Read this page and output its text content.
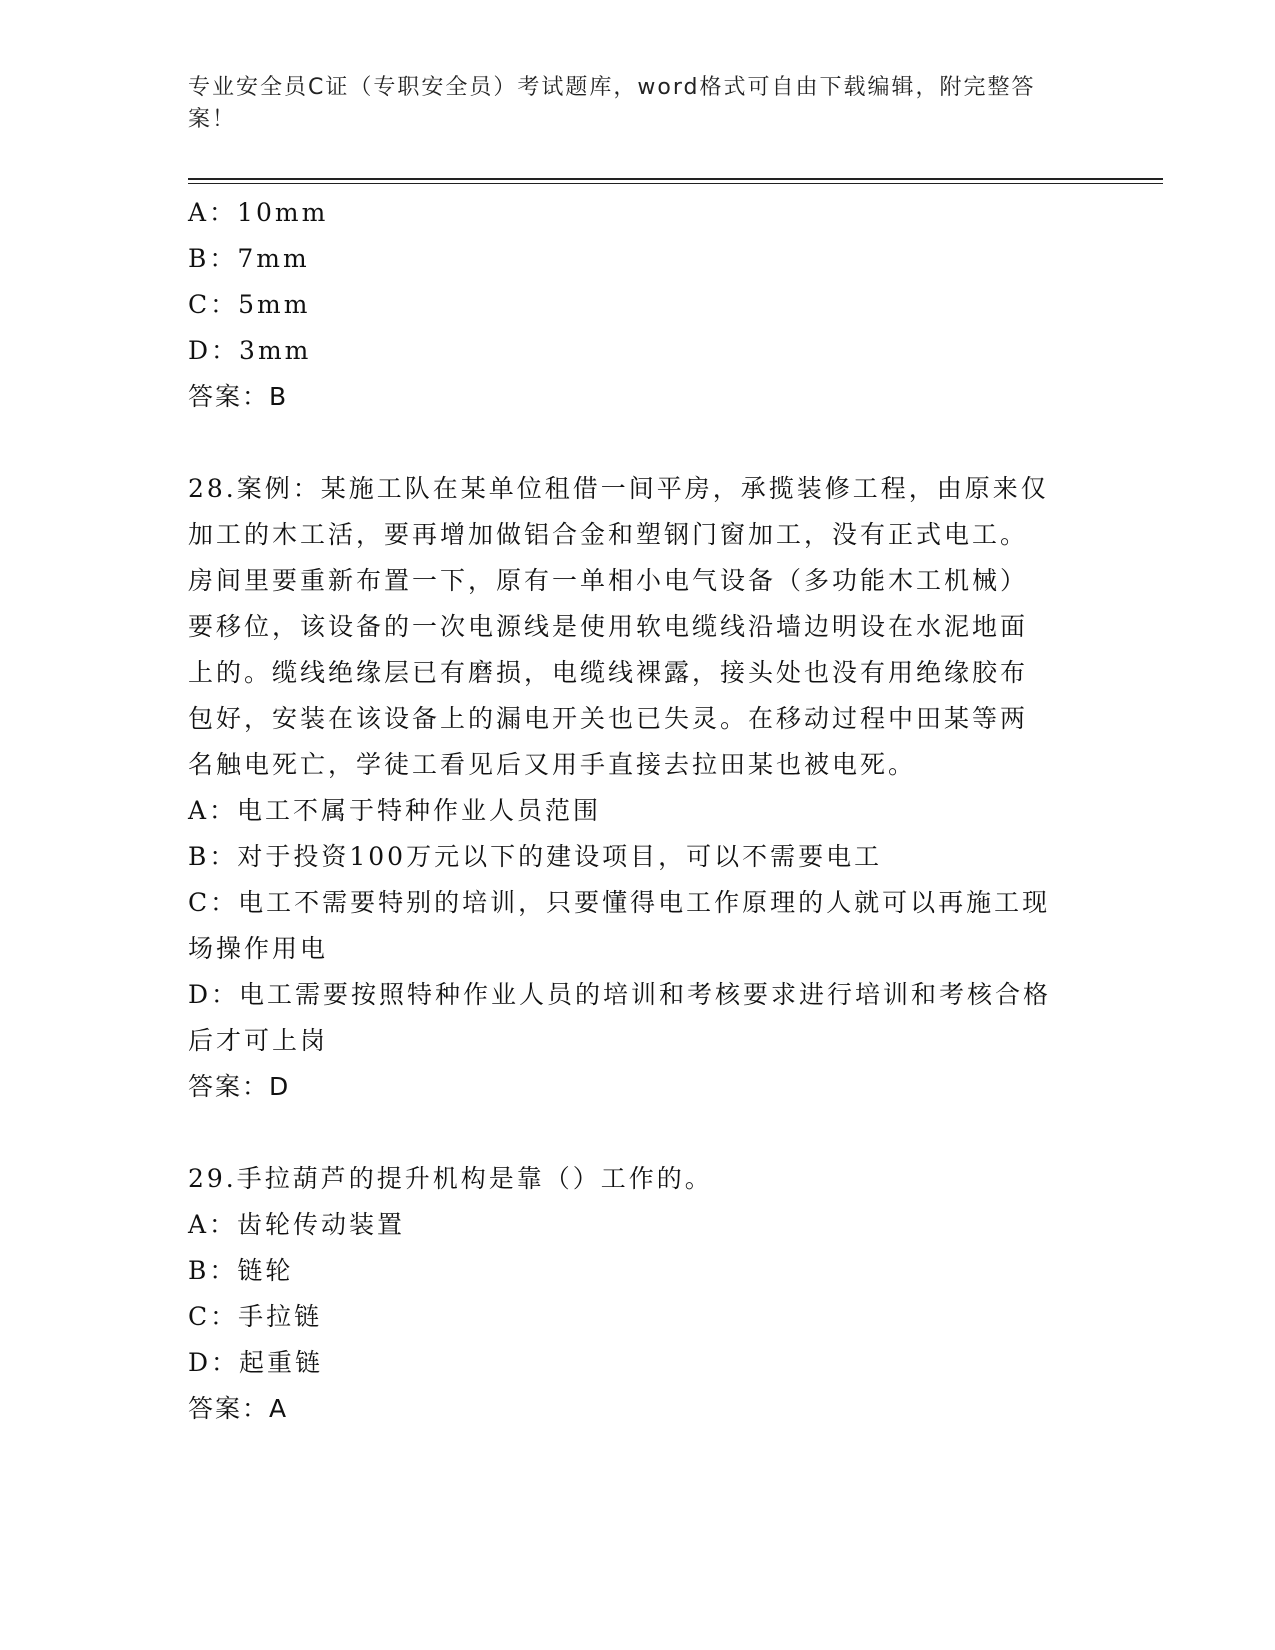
专业安全员C证（专职安全员）考试题库，word格式可自由下载编辑，附完整答
案！
A：10mm
B：7mm
C：5mm
D：3mm
答案：B
28.案例：某施工队在某单位租借一间平房，承揽装修工程，由原来仅
加工的木工活，要再增加做铝合金和塑钢门窗加工，没有正式电工。
房间里要重新布置一下，原有一单相小电气设备（多功能木工机械）
要移位，该设备的一次电源线是使用软电缆线沿墙边明设在水泥地面
上的。缆线绝缘层已有磨损，电缆线裸露，接头处也没有用绝缘胶布
包好，安装在该设备上的漏电开关也已失灵。在移动过程中田某等两
名触电死亡，学徒工看见后又用手直接去拉田某也被电死。
A：电工不属于特种作业人员范围
B：对于投资100万元以下的建设项目，可以不需要电工
C：电工不需要特别的培训，只要懂得电工作原理的人就可以再施工现
场操作用电
D：电工需要按照特种作业人员的培训和考核要求进行培训和考核合格
后才可上岗
答案：D
29.手拉葫芦的提升机构是靠（）工作的。
A：齿轮传动装置
B：链轮
C：手拉链
D：起重链
答案：A
